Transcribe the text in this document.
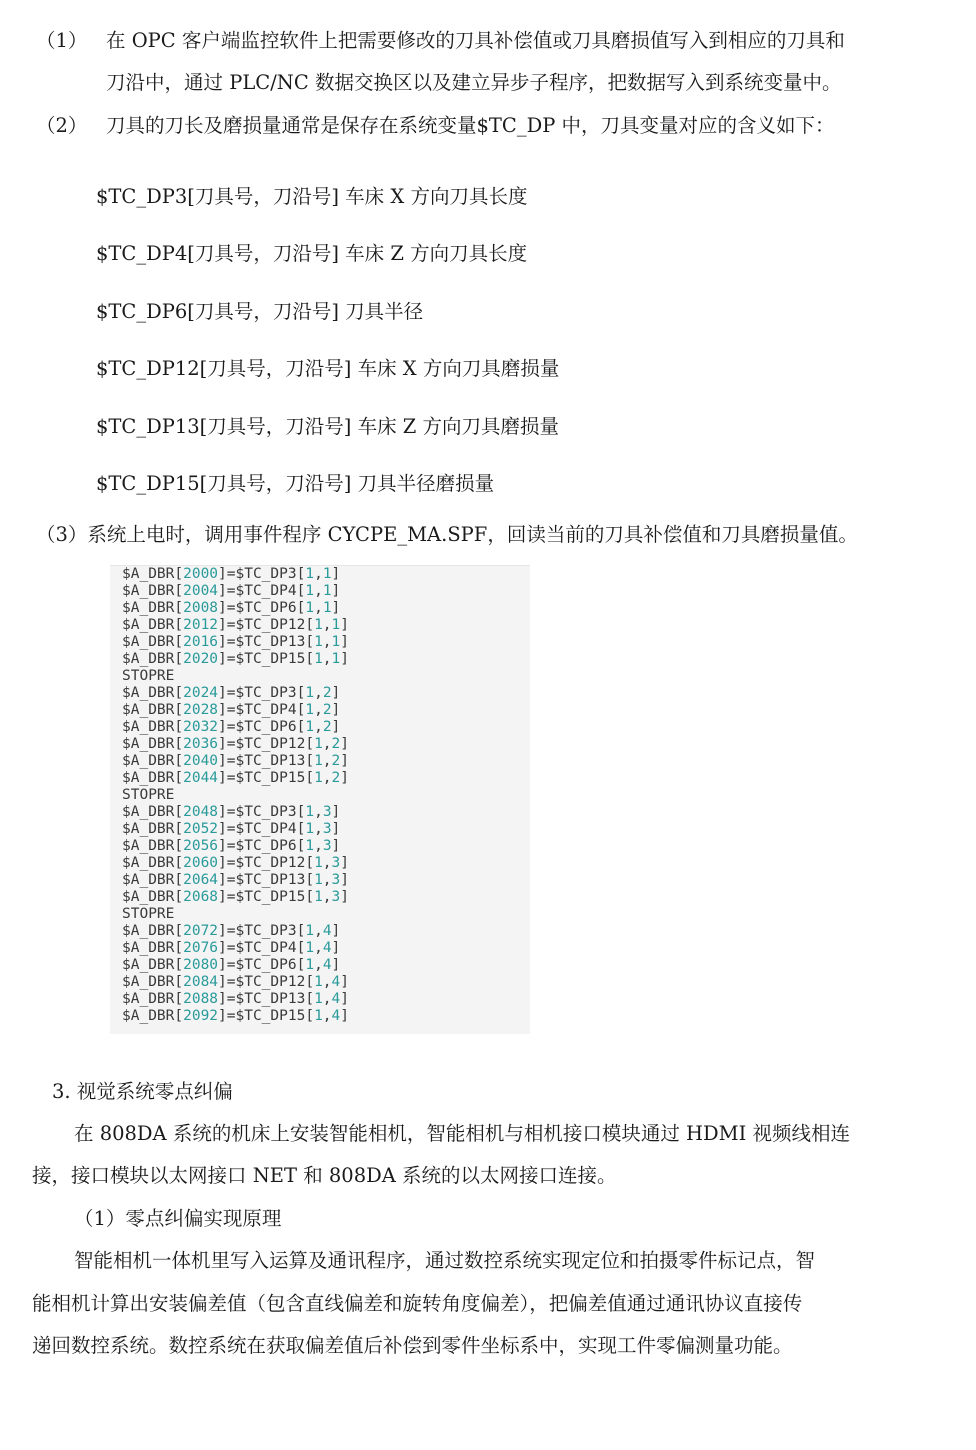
（1） 在 OPC 客户端监控软件上把需要修改的刀具补偿值或刀具磨损值写入到相应的刀具和
刀沿中，通过 PLC/NC 数据交换区以及建立异步子程序，把数据写入到系统变量中。
（2） 刀具的刀长及磨损量通常是保存在系统变量$TC_DP 中，刀具变量对应的含义如下：
$TC_DP3[刀具号，刀沿号] 车床 X 方向刀具长度
$TC_DP4[刀具号，刀沿号] 车床 Z 方向刀具长度
$TC_DP6[刀具号，刀沿号] 刀具半径
$TC_DP12[刀具号，刀沿号] 车床 X 方向刀具磨损量
$TC_DP13[刀具号，刀沿号] 车床 Z 方向刀具磨损量
$TC_DP15[刀具号，刀沿号] 刀具半径磨损量
（3）系统上电时，调用事件程序 CYCPE_MA.SPF，回读当前的刀具补偿值和刀具磨损量值。
$A_DBR[2000]=$TC_DP3[1,1]
$A_DBR[2004]=$TC_DP4[1,1]
$A_DBR[2008]=$TC_DP6[1,1]
$A_DBR[2012]=$TC_DP12[1,1]
$A_DBR[2016]=$TC_DP13[1,1]
$A_DBR[2020]=$TC_DP15[1,1]
STOPRE
$A_DBR[2024]=$TC_DP3[1,2]
$A_DBR[2028]=$TC_DP4[1,2]
$A_DBR[2032]=$TC_DP6[1,2]
$A_DBR[2036]=$TC_DP12[1,2]
$A_DBR[2040]=$TC_DP13[1,2]
$A_DBR[2044]=$TC_DP15[1,2]
STOPRE
$A_DBR[2048]=$TC_DP3[1,3]
$A_DBR[2052]=$TC_DP4[1,3]
$A_DBR[2056]=$TC_DP6[1,3]
$A_DBR[2060]=$TC_DP12[1,3]
$A_DBR[2064]=$TC_DP13[1,3]
$A_DBR[2068]=$TC_DP15[1,3]
STOPRE
$A_DBR[2072]=$TC_DP3[1,4]
$A_DBR[2076]=$TC_DP4[1,4]
$A_DBR[2080]=$TC_DP6[1,4]
$A_DBR[2084]=$TC_DP12[1,4]
$A_DBR[2088]=$TC_DP13[1,4]
$A_DBR[2092]=$TC_DP15[1,4]
3. 视觉系统零点纠偏
在 808DA 系统的机床上安装智能相机，智能相机与相机接口模块通过 HDMI 视频线相连
接，接口模块以太网接口 NET 和 808DA 系统的以太网接口连接。
（1）零点纠偏实现原理
智能相机一体机里写入运算及通讯程序，通过数控系统实现定位和拍摄零件标记点，智
能相机计算出安装偏差值（包含直线偏差和旋转角度偏差），把偏差值通过通讯协议直接传
递回数控系统。数控系统在获取偏差值后补偿到零件坐标系中，实现工件零偏测量功能。
